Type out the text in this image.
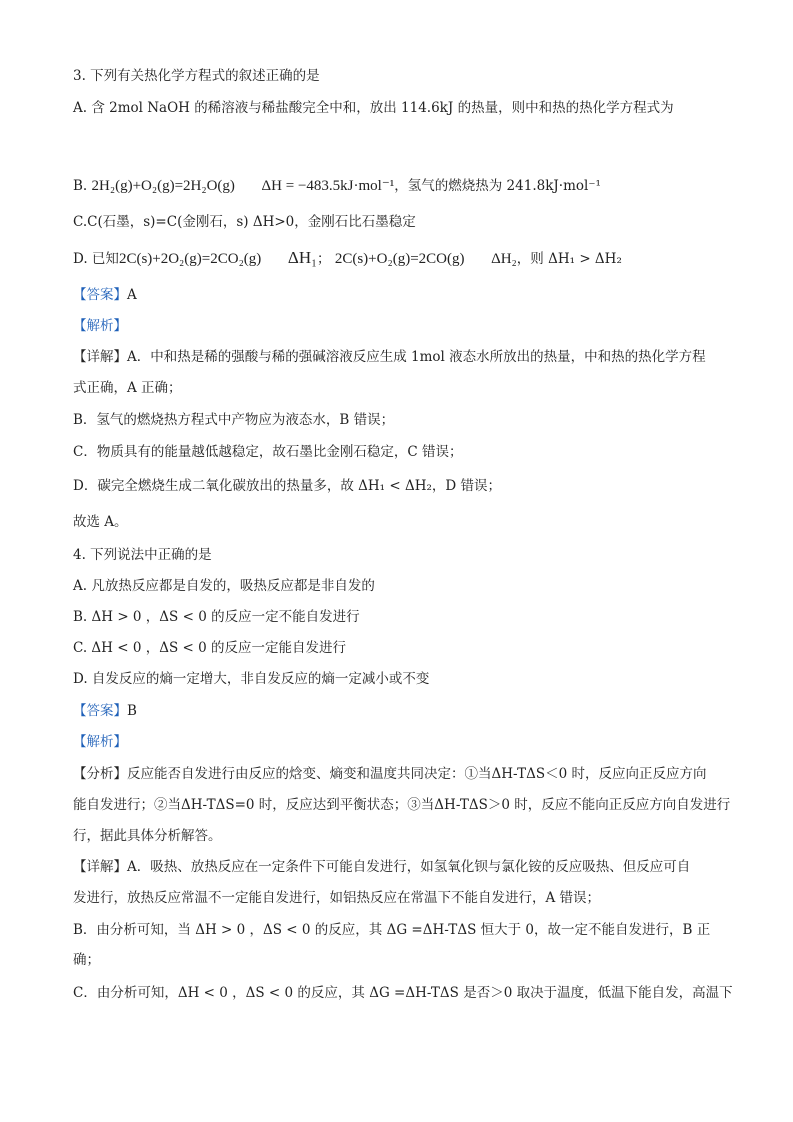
3. 下列有关热化学方程式的叙述正确的是
A. 含 2mol NaOH 的稀溶液与稀盐酸完全中和，放出 114.6kJ 的热量，则中和热的热化学方程式为
B. 2H₂(g)+O₂(g)=2H₂O(g) ΔH = −483.5kJ·mol⁻¹，氢气的燃烧热为 241.8kJ·mol⁻¹
C.C(石墨，s)=C(金刚石，s) ΔH>0，金刚石比石墨稳定
D. 已知2C(s)+2O₂(g)=2CO₂(g) ΔH₁； 2C(s)+O₂(g)=2CO(g) ΔH₂，则 ΔH₁ > ΔH₂
【答案】A
【解析】
【详解】A．中和热是稀的强酸与稀的强碱溶液反应生成 1mol 液态水所放出的热量，中和热的热化学方程
式正确，A 正确；
B．氢气的燃烧热方程式中产物应为液态水，B 错误；
C．物质具有的能量越低越稳定，故石墨比金刚石稳定，C 错误；
D．碳完全燃烧生成二氧化碳放出的热量多，故 ΔH₁ < ΔH₂，D 错误；
故选 A。
4. 下列说法中正确的是
A. 凡放热反应都是自发的，吸热反应都是非自发的
B. ΔH > 0 ，ΔS < 0 的反应一定不能自发进行
C. ΔH < 0 ，ΔS < 0 的反应一定能自发进行
D. 自发反应的熵一定增大，非自发反应的熵一定减小或不变
【答案】B
【解析】
【分析】反应能否自发进行由反应的焓变、熵变和温度共同决定：①当ΔH-TΔS＜0 时，反应向正反应方向
能自发进行；②当ΔH-TΔS=0 时，反应达到平衡状态；③当ΔH-TΔS＞0 时，反应不能向正反应方向自发进行
行，据此具体分析解答。
【详解】A．吸热、放热反应在一定条件下可能自发进行，如氢氧化钡与氯化铵的反应吸热、但反应可自
发进行，放热反应常温不一定能自发进行，如铝热反应在常温下不能自发进行，A 错误；
B．由分析可知，当 ΔH > 0 ，ΔS < 0 的反应，其 ΔG =ΔH-TΔS 恒大于 0，故一定不能自发进行，B 正
确；
C．由分析可知，ΔH < 0 ，ΔS < 0 的反应，其 ΔG =ΔH-TΔS 是否＞0 取决于温度，低温下能自发，高温下
